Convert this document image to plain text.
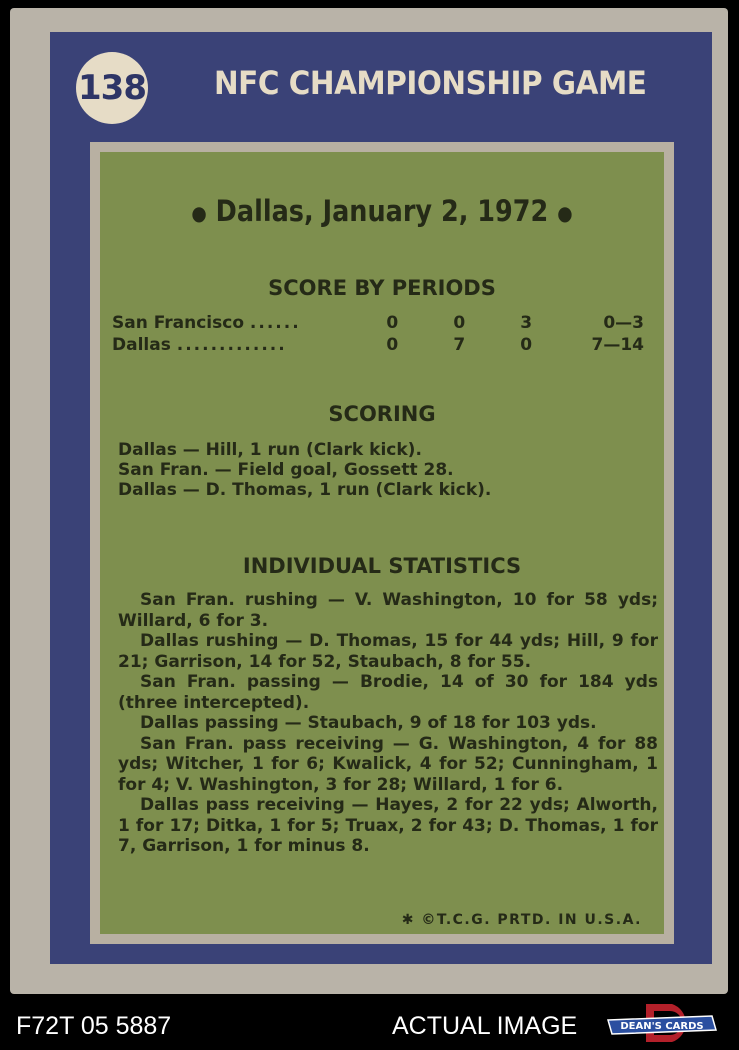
138 NFC CHAMPIONSHIP GAME
● Dallas, January 2, 1972 ●
SCORE BY PERIODS
San Francisco ......	0	0	3	0—3
Dallas .............	0	7	0	7—14
SCORING
Dallas — Hill, 1 run (Clark kick).
San Fran. — Field goal, Gossett 28.
Dallas — D. Thomas, 1 run (Clark kick).
INDIVIDUAL STATISTICS

San Fran. rushing — V. Washington, 10 for 58 yds; Willard, 6 for 3.

Dallas rushing — D. Thomas, 15 for 44 yds; Hill, 9 for 21; Garrison, 14 for 52, Staubach, 8 for 55.

San Fran. passing — Brodie, 14 of 30 for 184 yds (three intercepted).

Dallas passing — Staubach, 9 of 18 for 103 yds.

San Fran. pass receiving — G. Washington, 4 for 88 yds; Witcher, 1 for 6; Kwalick, 4 for 52; Cunningham, 1 for 4; V. Washington, 3 for 28; Willard, 1 for 6.

Dallas pass receiving — Hayes, 2 for 22 yds; Alworth, 1 for 17; Ditka, 1 for 5; Truax, 2 for 43; D. Thomas, 1 for 7, Garrison, 1 for minus 8.

✱ ©T.C.G. PRTD. IN U.S.A.
F72T 05 5887	ACTUAL IMAGE	DEAN'S CARDS
